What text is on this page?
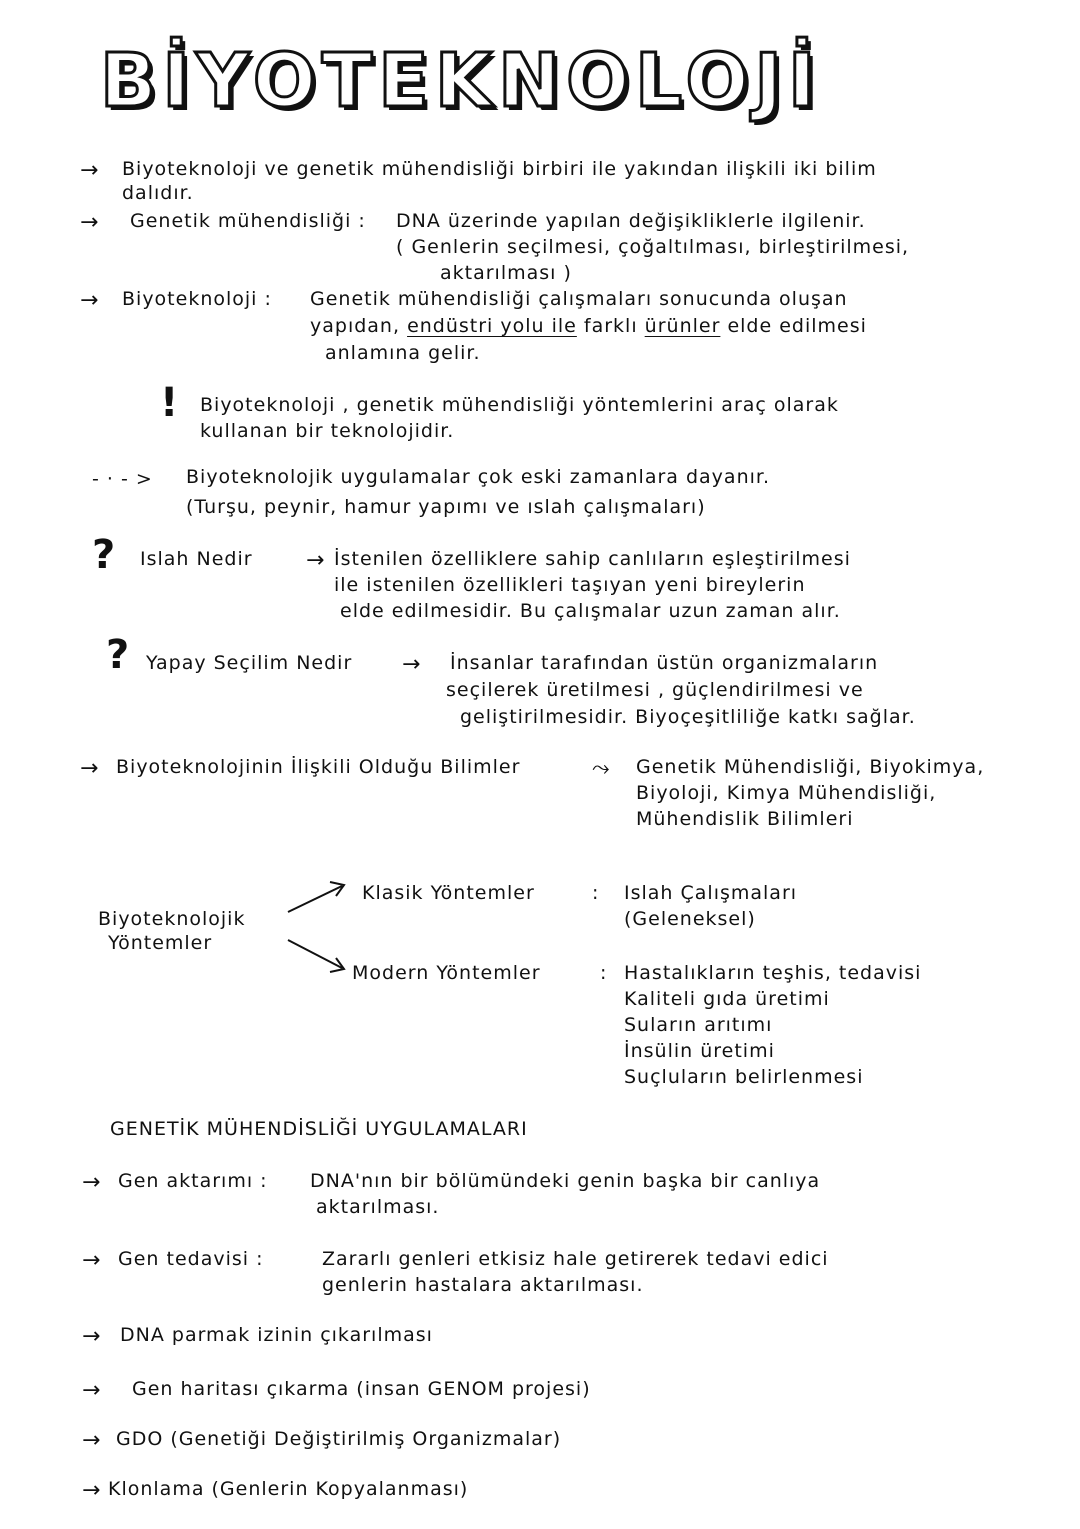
BİYOTEKNOLOJİ
→ Biyoteknoloji ve genetik mühendisliği birbiri ile yakından ilişkili iki bilim
dalıdır.
→ Genetik mühendisliği : DNA üzerinde yapılan değişikliklerle ilgilenir.
( Genlerin seçilmesi, çoğaltılması, birleştirilmesi,
aktarılması )
→ Biyoteknoloji : Genetik mühendisliği çalışmaları sonucunda oluşan
yapıdan, endüstri yolu ile farklı ürünler elde edilmesi
anlamına gelir.
! Biyoteknoloji , genetik mühendisliği yöntemlerini araç olarak
kullanan bir teknolojidir.
- · - > Biyoteknolojik uygulamalar çok eski zamanlara dayanır.
(Turşu, peynir, hamur yapımı ve ıslah çalışmaları)
? Islah Nedir → İstenilen özelliklere sahip canlıların eşleştirilmesi
ile istenilen özellikleri taşıyan yeni bireylerin
elde edilmesidir. Bu çalışmalar uzun zaman alır.
? Yapay Seçilim Nedir → İnsanlar tarafından üstün organizmaların
seçilerek üretilmesi , güçlendirilmesi ve
geliştirilmesidir. Biyoçeşitliliğe katkı sağlar.
→ Biyoteknolojinin İlişkili Olduğu Bilimler	⤳ Genetik Mühendisliği, Biyokimya,
Biyoloji, Kimya Mühendisliği,
Mühendislik Bilimleri
Biyoteknolojik
Yöntemler
Klasik Yöntemler	: Islah Çalışmaları
(Geleneksel)
Modern Yöntemler	: Hastalıkların teşhis, tedavisi
Kaliteli gıda üretimi
Suların arıtımı
İnsülin üretimi
Suçluların belirlenmesi
GENETİK MÜHENDİSLİĞİ UYGULAMALARI
→ Gen aktarımı : DNA'nın bir bölümündeki genin başka bir canlıya
aktarılması.
→ Gen tedavisi :	Zararlı genleri etkisiz hale getirerek tedavi edici
genlerin hastalara aktarılması.
→ DNA parmak izinin çıkarılması
→ Gen haritası çıkarma (insan GENOM projesi)
→ GDO (Genetiği Değiştirilmiş Organizmalar)
→ Klonlama (Genlerin Kopyalanması)
